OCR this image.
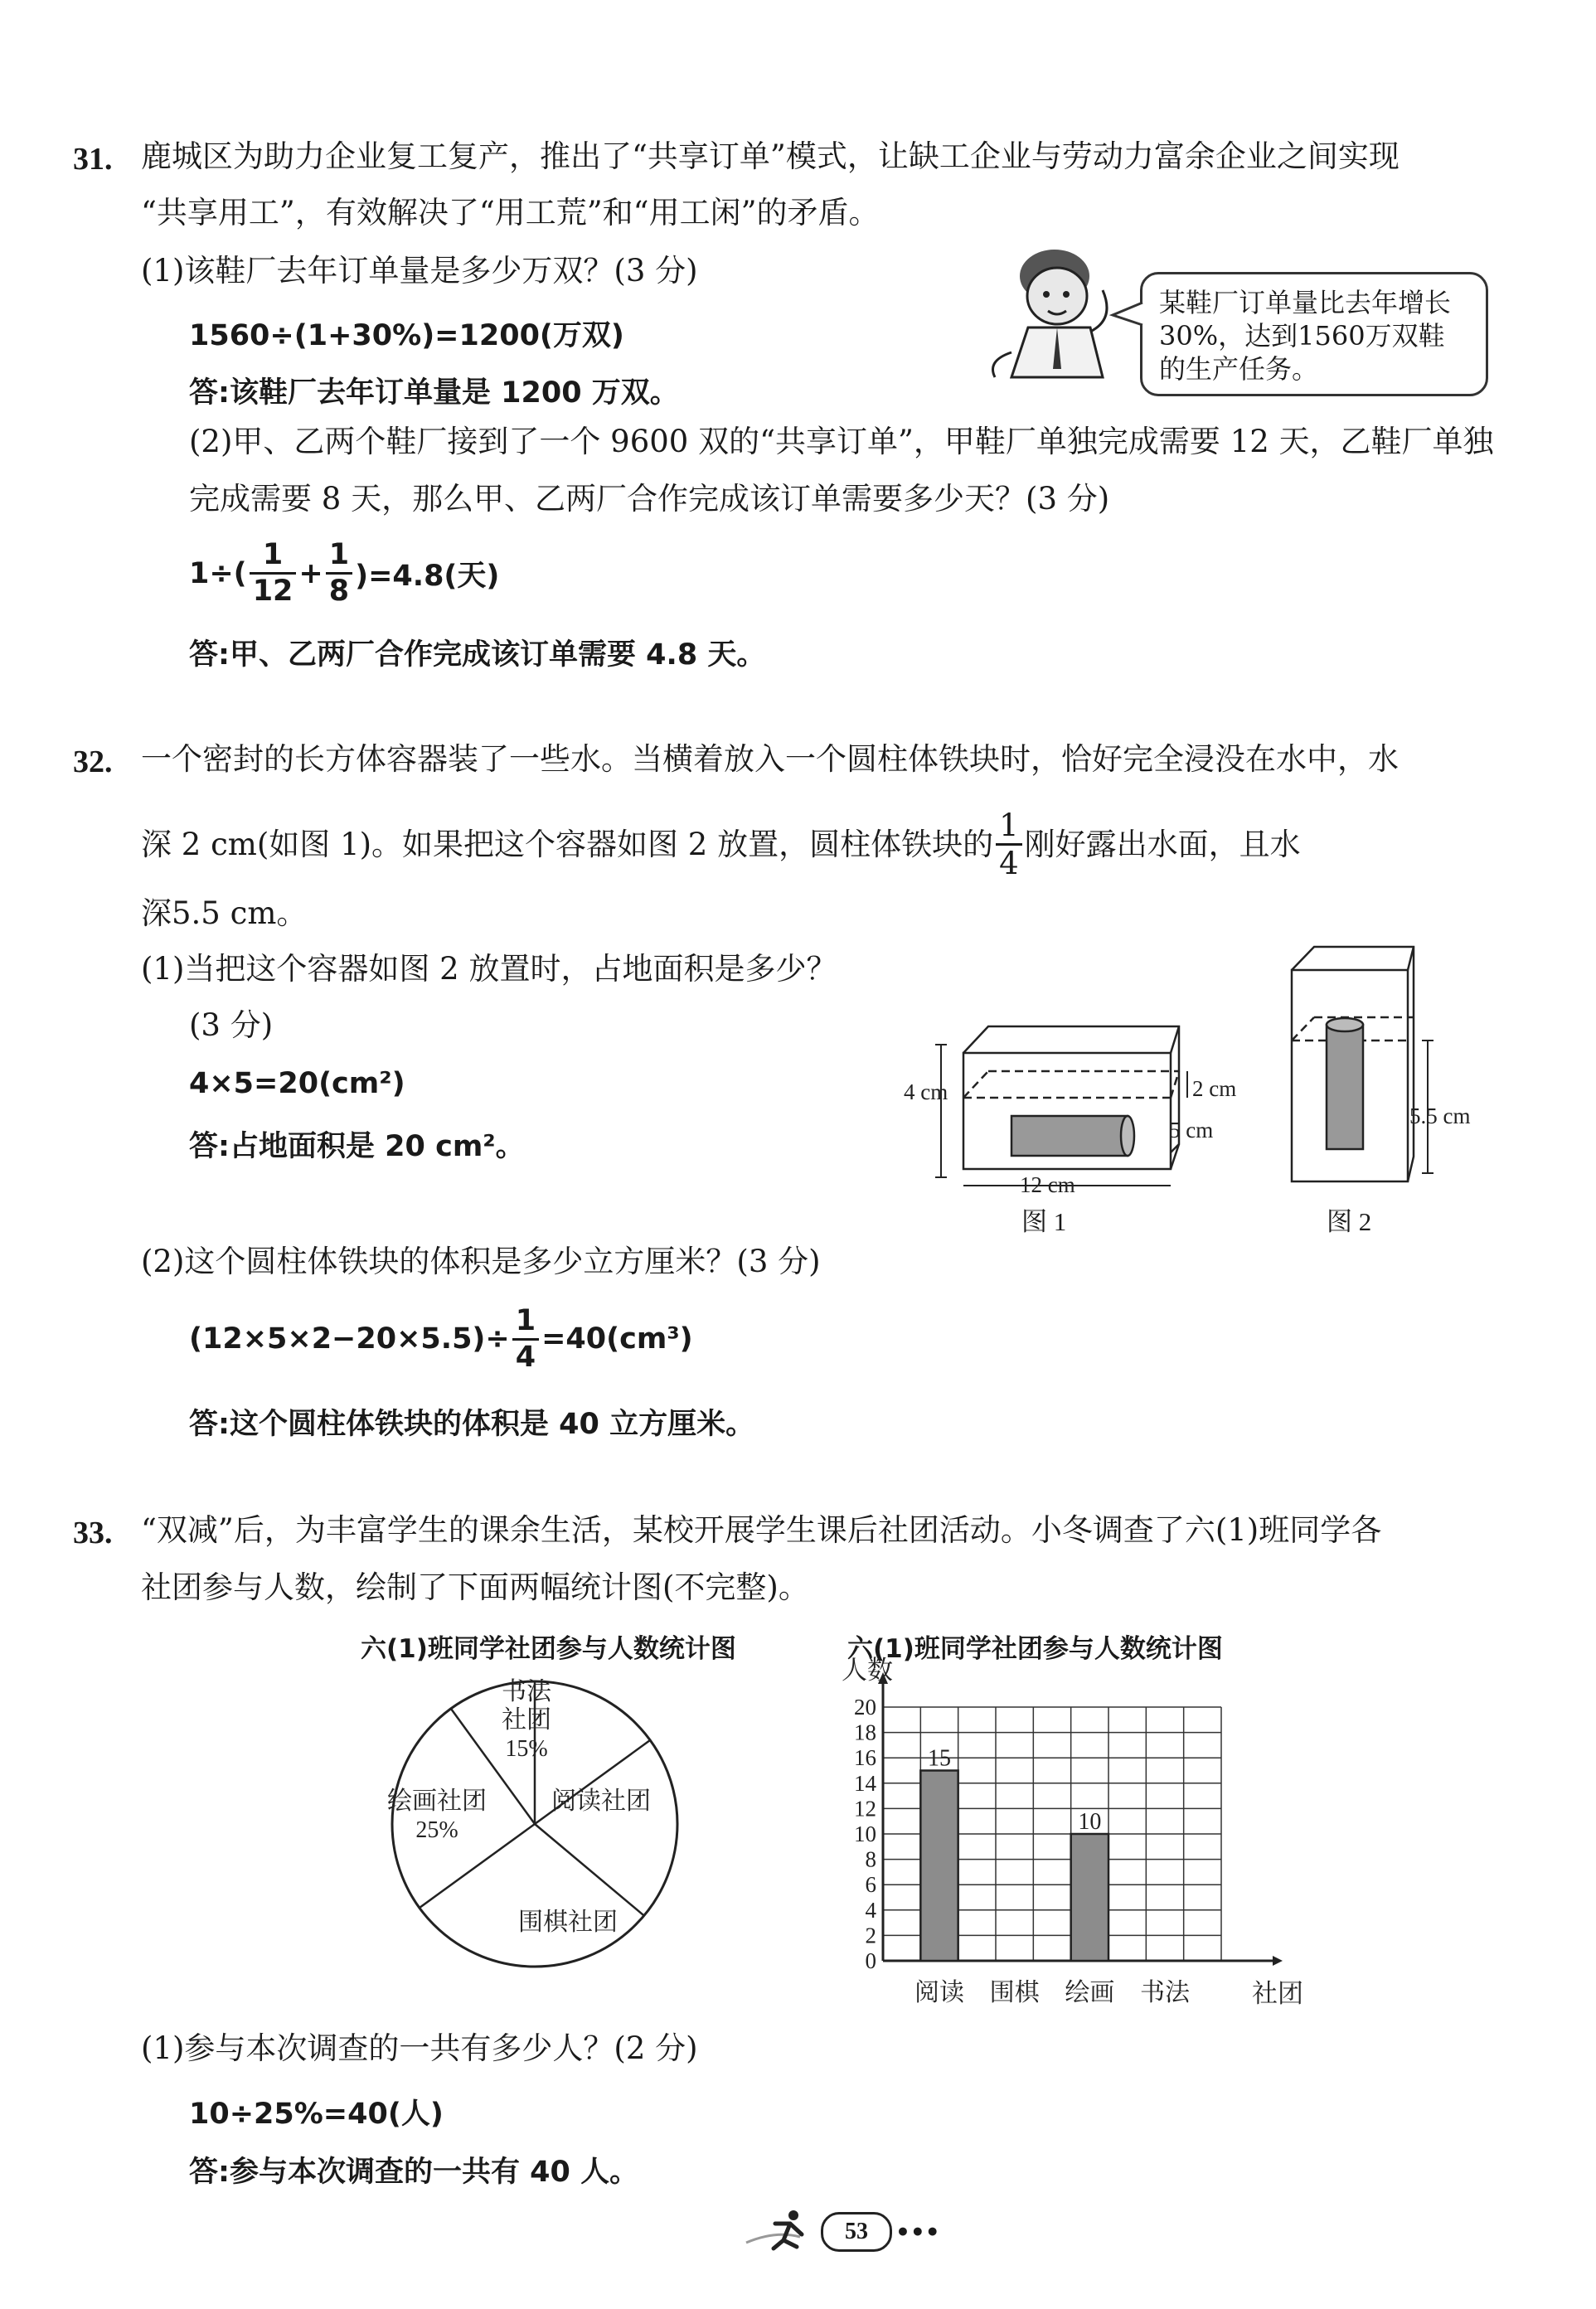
31. 鹿城区为助力企业复工复产，推出了“共享订单”模式，让缺工企业与劳动力富余企业之间实现
“共享用工”，有效解决了“用工荒”和“用工闲”的矛盾。
(1)该鞋厂去年订单量是多少万双？(3 分)
1560÷(1+30%)=1200(万双)
答:该鞋厂去年订单量是 1200 万双。
某鞋厂订单量比去年增长30%，达到1560万双鞋的生产任务。
(2)甲、乙两个鞋厂接到了一个 9600 双的“共享订单”，甲鞋厂单独完成需要 12 天，乙鞋厂单独
完成需要 8 天，那么甲、乙两厂合作完成该订单需要多少天？(3 分)
$1\div( \frac{1}{12} + \frac{1}{8} )=4.8$(天)
答:甲、乙两厂合作完成该订单需要 4.8 天。
32. 一个密封的长方体容器装了一些水。当横着放入一个圆柱体铁块时，恰好完全浸没在水中，水
深 2 cm(如图 1)。如果把这个容器如图 2 放置，圆柱体铁块的 $\frac{1}{4}$ 刚好露出水面，且水
深5.5 cm。
(1)当把这个容器如图 2 放置时，占地面积是多少？
(3 分)
4×5=20(cm²)
答:占地面积是 20 cm²。
4 cm	2 cm
12 cm
5 cm
图 1
5.5 cm
图 2
(2)这个圆柱体铁块的体积是多少立方厘米？(3 分)
$(12\times 5\times 2-20\times 5.5)\div \frac{1}{4} =40(cm^3)$
答:这个圆柱体铁块的体积是 40 立方厘米。
33. “双减”后，为丰富学生的课余生活，某校开展学生课后社团活动。小冬调查了六(1)班同学各
社团参与人数，绘制了下面两幅统计图(不完整)。
六(1)班同学社团参与人数统计图
书法
社团
15%
阅读社团
围棋社团
绘画社团
25%
六(1)班同学社团参与人数统计图
0
2
4
6
8
10
12
14
16
18
20
人数
社团
阅读
15
围棋 绘画
10
书法
(1)参与本次调查的一共有多少人？(2 分)
10÷25%=40(人)
答:参与本次调查的一共有 40 人。
53	•••
